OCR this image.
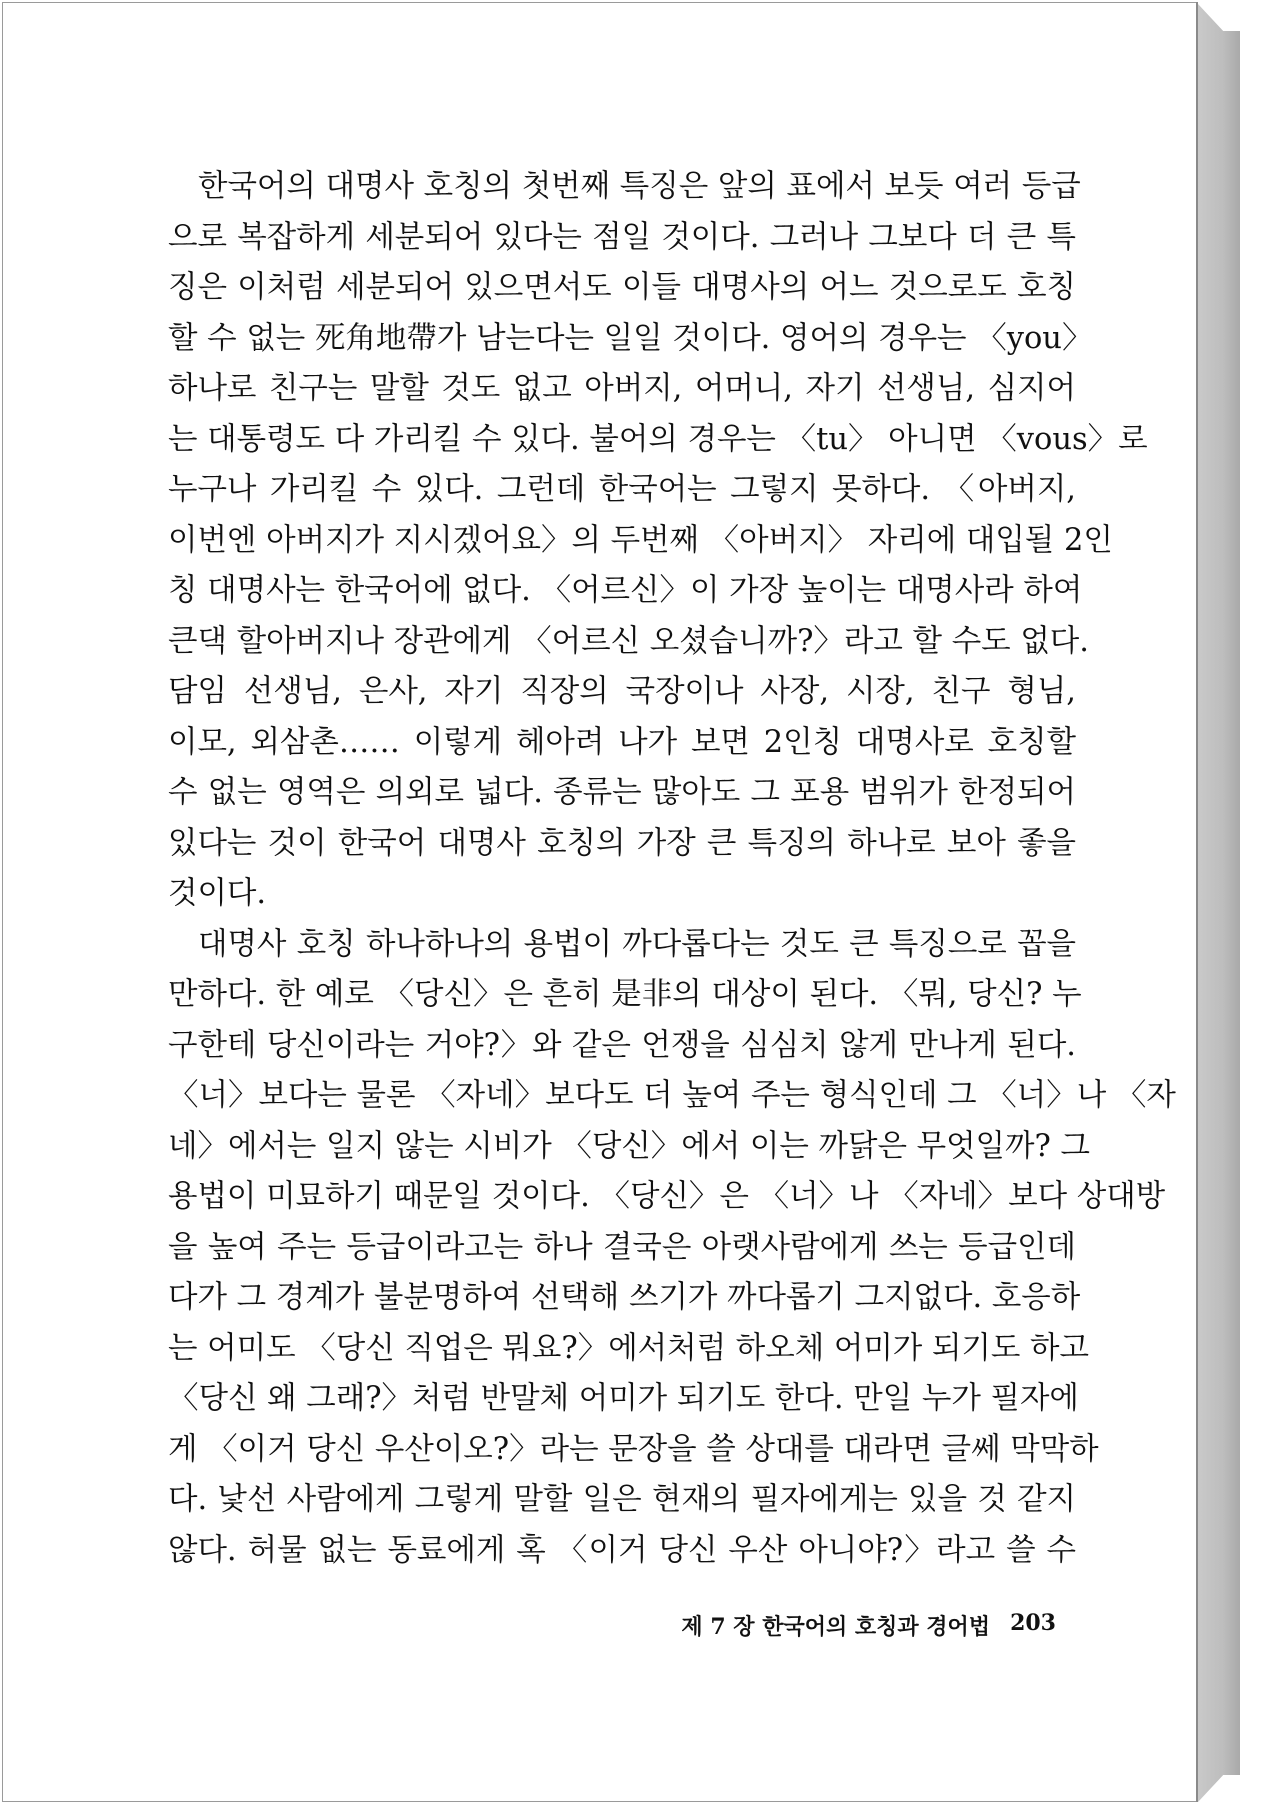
한국어의 대명사 호칭의 첫번째 특징은 앞의 표에서 보듯 여러 등급
으로 복잡하게 세분되어 있다는 점일 것이다. 그러나 그보다 더 큰 특
징은 이처럼 세분되어 있으면서도 이들 대명사의 어느 것으로도 호칭
할 수 없는 死角地帶가 남는다는 일일 것이다. 영어의 경우는 〈you〉
하나로 친구는 말할 것도 없고 아버지, 어머니, 자기 선생님, 심지어
는 대통령도 다 가리킬 수 있다. 불어의 경우는 〈tu〉 아니면 〈vous〉로
누구나 가리킬 수 있다. 그런데 한국어는 그렇지 못하다. 〈아버지,
이번엔 아버지가 지시겠어요〉의 두번째 〈아버지〉 자리에 대입될 2인
칭 대명사는 한국어에 없다. 〈어르신〉이 가장 높이는 대명사라 하여
큰댁 할아버지나 장관에게 〈어르신 오셨습니까?〉라고 할 수도 없다.
담임 선생님, 은사, 자기 직장의 국장이나 사장, 시장, 친구 형님,
이모, 외삼촌…… 이렇게 헤아려 나가 보면 2인칭 대명사로 호칭할
수 없는 영역은 의외로 넓다. 종류는 많아도 그 포용 범위가 한정되어
있다는 것이 한국어 대명사 호칭의 가장 큰 특징의 하나로 보아 좋을
것이다.
대명사 호칭 하나하나의 용법이 까다롭다는 것도 큰 특징으로 꼽을
만하다. 한 예로 〈당신〉은 흔히 是非의 대상이 된다. 〈뭐, 당신? 누
구한테 당신이라는 거야?〉와 같은 언쟁을 심심치 않게 만나게 된다.
〈너〉보다는 물론 〈자네〉보다도 더 높여 주는 형식인데 그 〈너〉나 〈자
네〉에서는 일지 않는 시비가 〈당신〉에서 이는 까닭은 무엇일까? 그
용법이 미묘하기 때문일 것이다. 〈당신〉은 〈너〉나 〈자네〉보다 상대방
을 높여 주는 등급이라고는 하나 결국은 아랫사람에게 쓰는 등급인데
다가 그 경계가 불분명하여 선택해 쓰기가 까다롭기 그지없다. 호응하
는 어미도 〈당신 직업은 뭐요?〉에서처럼 하오체 어미가 되기도 하고
〈당신 왜 그래?〉처럼 반말체 어미가 되기도 한다. 만일 누가 필자에
게 〈이거 당신 우산이오?〉라는 문장을 쓸 상대를 대라면 글쎄 막막하
다. 낯선 사람에게 그렇게 말할 일은 현재의 필자에게는 있을 것 같지
않다. 허물 없는 동료에게 혹 〈이거 당신 우산 아니야?〉라고 쓸 수
제 7 장 한국어의 호칭과 경어법 203
